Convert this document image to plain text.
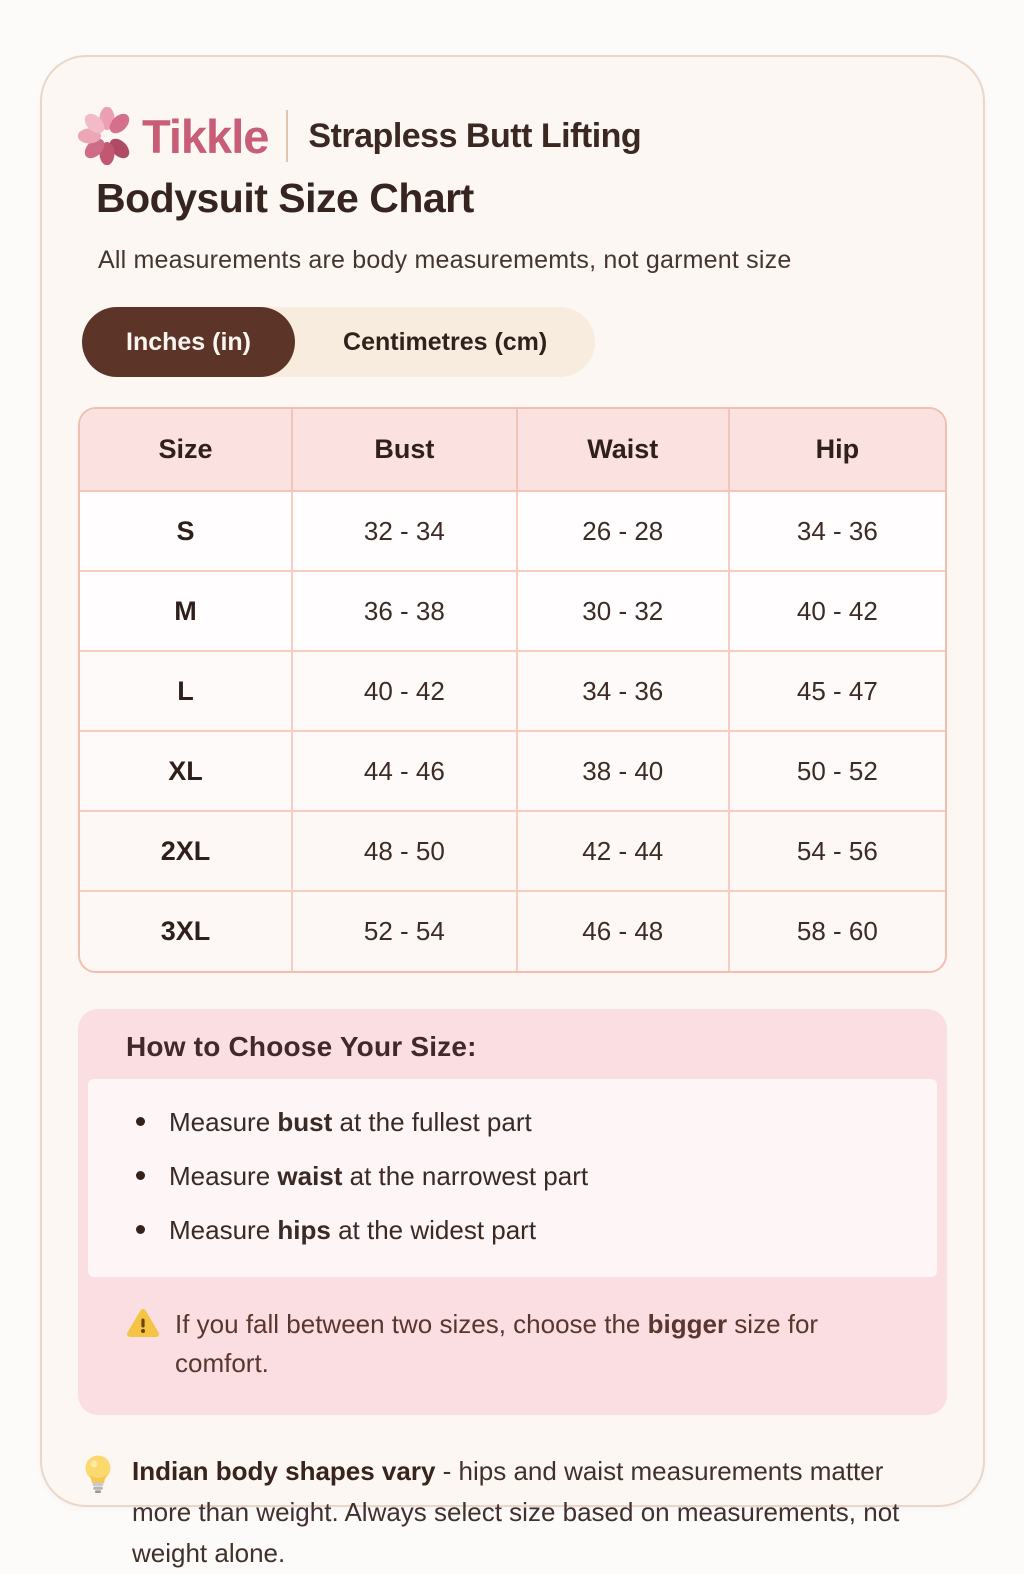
Tikkle Strapless Butt Lifting
Bodysuit Size Chart
All measurements are body measurememts, not garment size
Inches (in)	Centimetres (cm)
Size	Bust	Waist	Hip
S	32 - 34	26 - 28	34 - 36
M	36 - 38	30 - 32	40 - 42
L	40 - 42	34 - 36	45 - 47
XL	44 - 46	38 - 40	50 - 52
2XL	48 - 50	42 - 44	54 - 56
3XL	52 - 54	46 - 48	58 - 60
How to Choose Your Size:
Measure bust at the fullest part
Measure waist at the narrowest part
Measure hips at the widest part
If you fall between two sizes, choose the bigger size for comfort.
Indian body shapes vary - hips and waist measurements matter more than weight. Always select size based on measurements, not weight alone.
